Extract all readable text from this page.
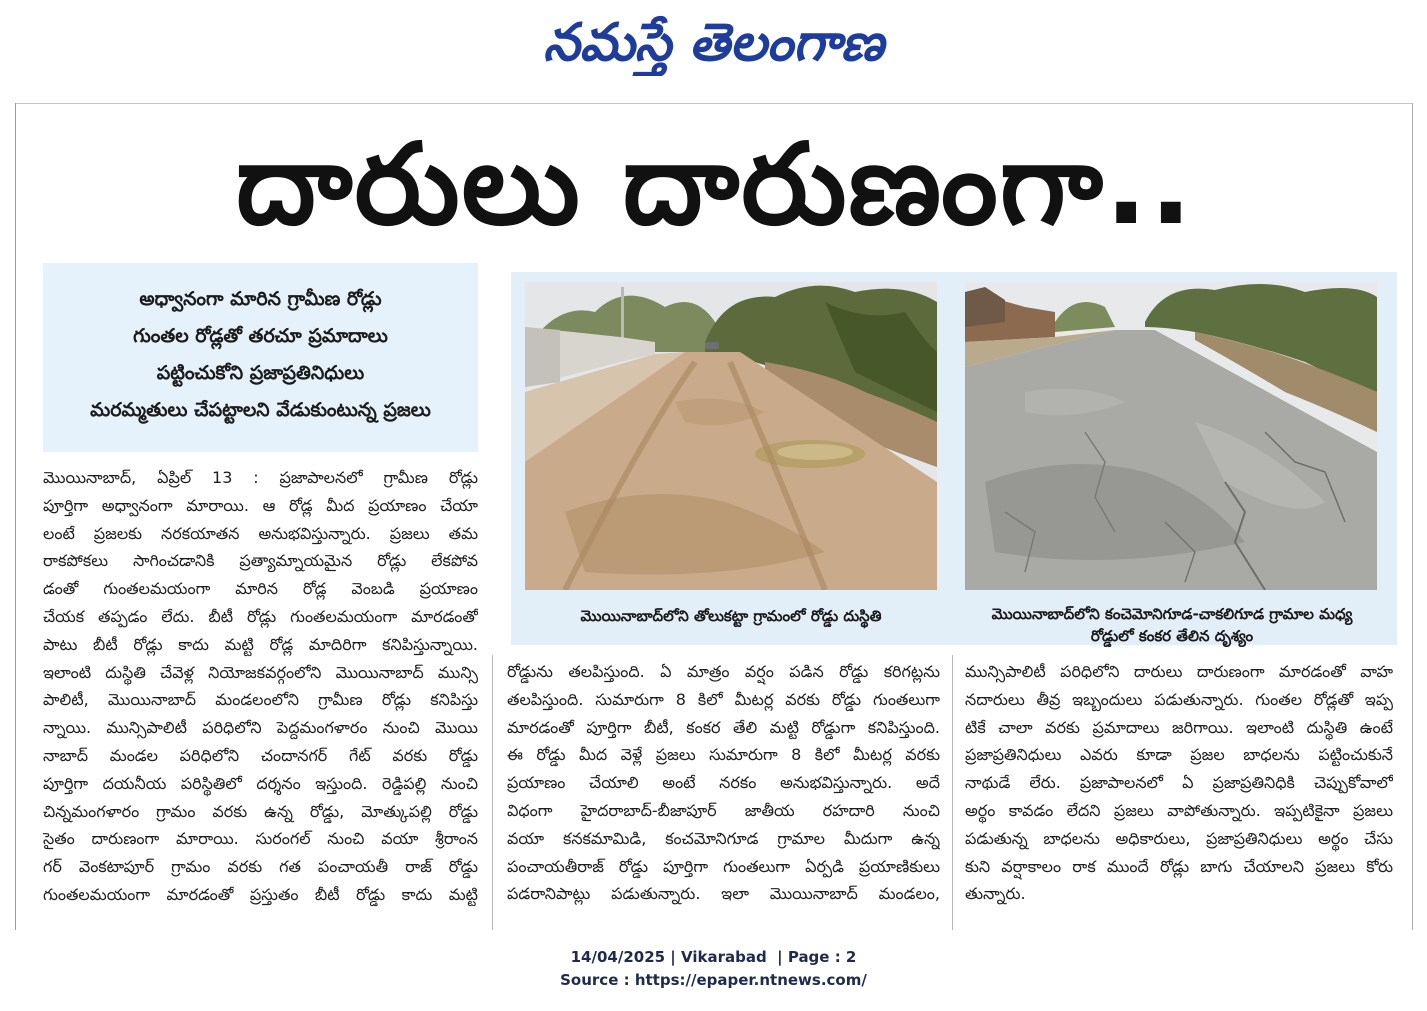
నమస్తే తెలంగాణ
దారులు దారుణంగా..
అధ్వానంగా మారిన గ్రామీణ రోడ్లు
గుంతల రోడ్లతో తరచూ ప్రమాదాలు
పట్టించుకోని ప్రజాప్రతినిధులు
మరమ్మతులు చేపట్టాలని వేడుకుంటున్న ప్రజలు
మొయినాబాద్‌లోని తోలుకట్టా గ్రామంలో రోడ్డు దుస్థితి	మొయినాబాద్‌లోని కంచెమోనిగూడ-చాకలిగూడ గ్రామాల మధ్య
రోడ్డులో కంకర తేలిన దృశ్యం
మొయినాబాద్, ఏప్రిల్ 13 : ప్రజాపాలనలో గ్రామీణ రోడ్లు
పూర్తిగా అధ్వానంగా మారాయి. ఆ రోడ్ల మీద ప్రయాణం చేయా
లంటే ప్రజలకు నరకయాతన అనుభవిస్తున్నారు. ప్రజలు తమ
రాకపోకలు సాగించడానికి ప్రత్యామ్నాయమైన రోడ్లు లేకపోవ
డంతో గుంతలమయంగా మారిన రోడ్ల వెంబడి ప్రయాణం
చేయక తప్పడం లేదు. బీటీ రోడ్లు గుంతలమయంగా మారడంతో
పాటు బీటీ రోడ్లు కాదు మట్టి రోడ్ల మాదిరిగా కనిపిస్తున్నాయి.
ఇలాంటి దుస్థితి చేవెళ్ల నియోజకవర్గంలోని మొయినాబాద్ మున్సి
పాలిటీ, మొయినాబాద్ మండలంలోని గ్రామీణ రోడ్లు కనిపిస్తు
న్నాయి. మున్సిపాలిటీ పరిధిలోని పెద్దమంగళారం నుంచి మొయి
నాబాద్ మండల పరిధిలోని చందానగర్ గేట్ వరకు రోడ్డు
పూర్తిగా దయనీయ పరిస్థితిలో దర్శనం ఇస్తుంది. రెడ్డిపల్లి నుంచి
చిన్నమంగళారం గ్రామం వరకు ఉన్న రోడ్డు, మోత్కుపల్లి రోడ్డు
సైతం దారుణంగా మారాయి. సురంగల్ నుంచి వయా శ్రీరాంన
గర్ వెంకటాపూర్ గ్రామం వరకు గత పంచాయతీ రాజ్ రోడ్డు
గుంతలమయంగా మారడంతో ప్రస్తుతం బీటీ రోడ్డు కాదు మట్టి
రోడ్డును తలపిస్తుంది. ఏ మాత్రం వర్షం పడిన రోడ్డు కరిగట్లను
తలపిస్తుంది. సుమారుగా 8 కిలో మీటర్ల వరకు రోడ్డు గుంతలుగా
మారడంతో పూర్తిగా బీటీ, కంకర తేలి మట్టి రోడ్డుగా కనిపిస్తుంది.
ఈ రోడ్డు మీద వెళ్లే ప్రజలు సుమారుగా 8 కిలో మీటర్ల వరకు
ప్రయాణం చేయాలి అంటే నరకం అనుభవిస్తున్నారు. అదే
విధంగా హైదరాబాద్-బీజాపూర్ జాతీయ రహదారి నుంచి
వయా కనకమామిడి, కంచమోనిగూడ గ్రామాల మీదుగా ఉన్న
పంచాయతీరాజ్ రోడ్డు పూర్తిగా గుంతలుగా ఏర్పడి ప్రయాణికులు
పడరానిపాట్లు పడుతున్నారు. ఇలా మొయినాబాద్ మండలం,
మున్సిపాలిటీ పరిధిలోని దారులు దారుణంగా మారడంతో వాహ
నదారులు తీవ్ర ఇబ్బందులు పడుతున్నారు. గుంతల రోడ్లతో ఇప్ప
టికే చాలా వరకు ప్రమాదాలు జరిగాయి. ఇలాంటి దుస్థితి ఉంటే
ప్రజాప్రతినిధులు ఎవరు కూడా ప్రజల బాధలను పట్టించుకునే
నాథుడే లేరు. ప్రజాపాలనలో ఏ ప్రజాప్రతినిధికి చెప్పుకోవాలో
అర్థం కావడం లేదని ప్రజలు వాపోతున్నారు. ఇప్పటికైనా ప్రజలు
పడుతున్న బాధలను అధికారులు, ప్రజాప్రతినిధులు అర్థం చేసు
కుని వర్షాకాలం రాక ముందే రోడ్లు బాగు చేయాలని ప్రజలు కోరు
తున్నారు.
14/04/2025 | Vikarabad  | Page : 2
Source : https://epaper.ntnews.com/
